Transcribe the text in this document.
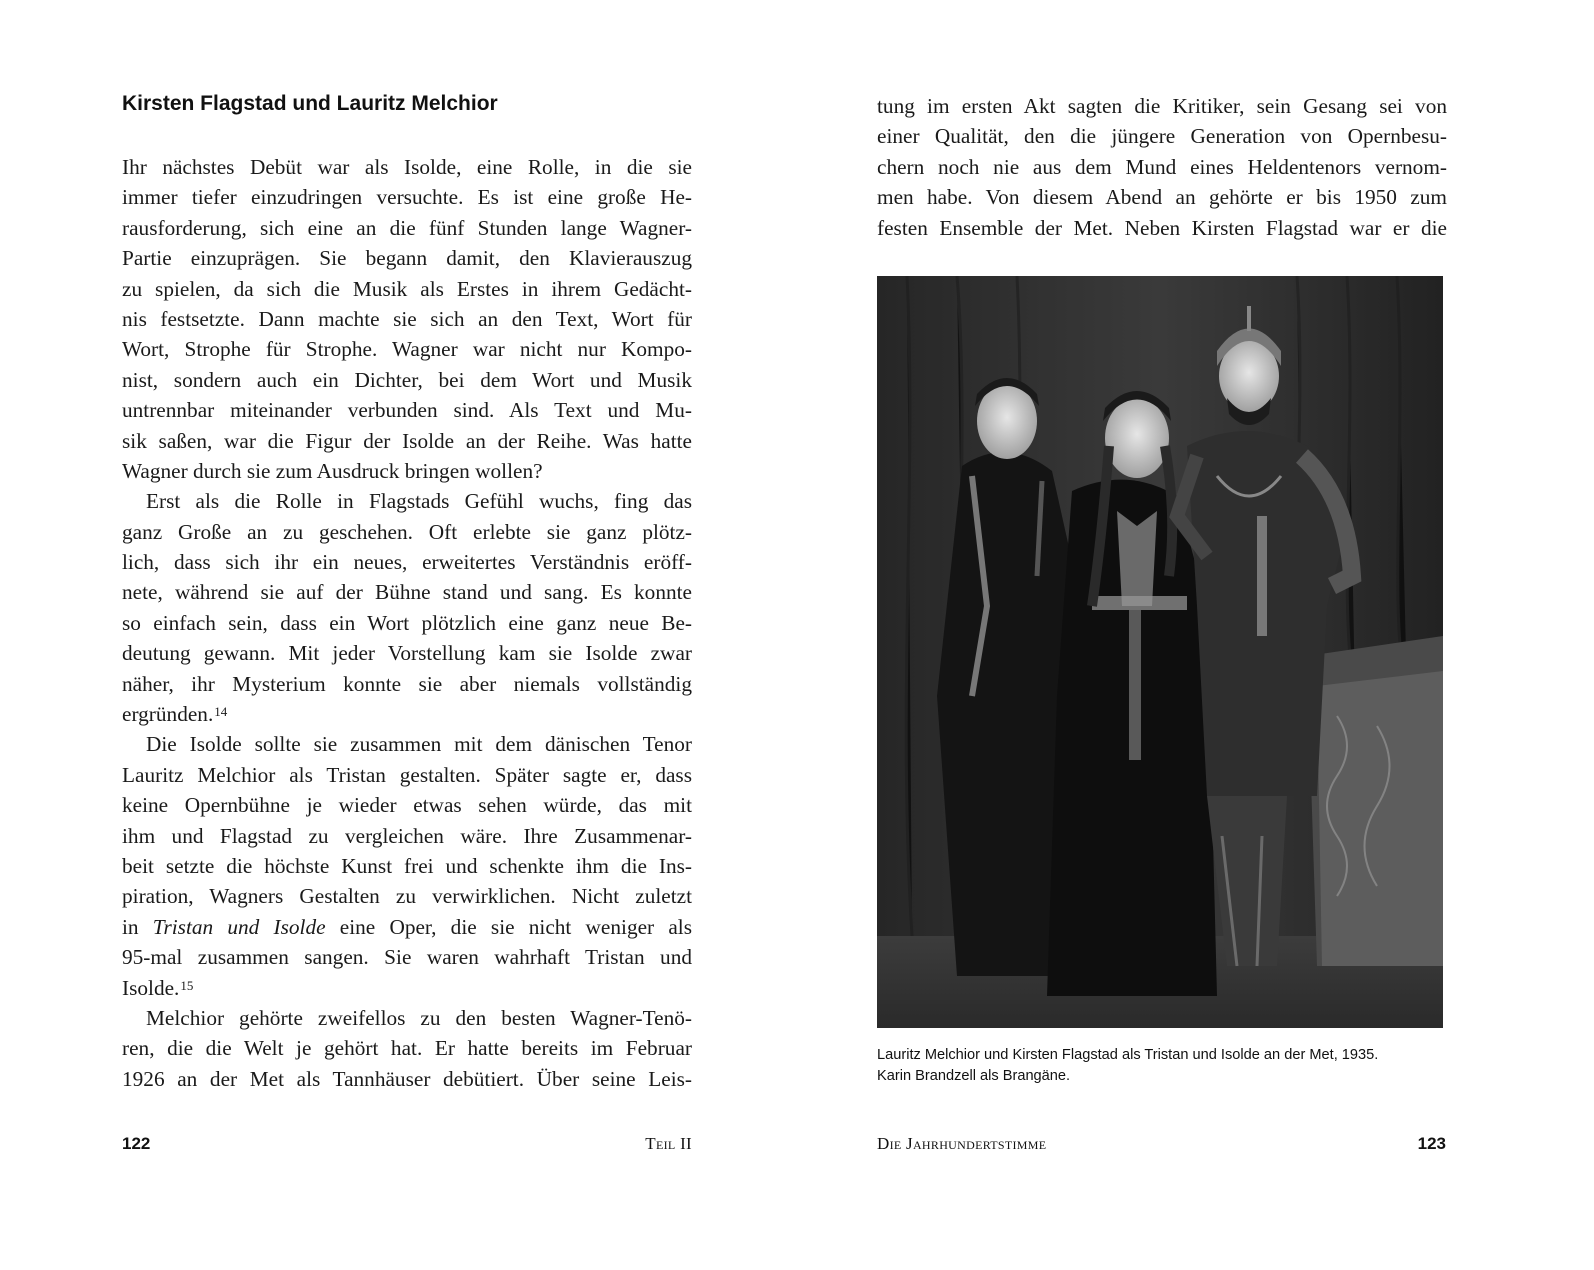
Kirsten Flagstad und Lauritz Melchior
Ihr nächstes Debüt war als Isolde, eine Rolle, in die sie
immer tiefer einzudringen versuchte. Es ist eine große He-
rausforderung, sich eine an die fünf Stunden lange Wagner-
Partie einzuprägen. Sie begann damit, den Klavierauszug
zu spielen, da sich die Musik als Erstes in ihrem Gedächt-
nis festsetzte. Dann machte sie sich an den Text, Wort für
Wort, Strophe für Strophe. Wagner war nicht nur Kompo-
nist, sondern auch ein Dichter, bei dem Wort und Musik
untrennbar miteinander verbunden sind. Als Text und Mu-
sik saßen, war die Figur der Isolde an der Reihe. Was hatte
Wagner durch sie zum Ausdruck bringen wollen?
Erst als die Rolle in Flagstads Gefühl wuchs, fing das
ganz Große an zu geschehen. Oft erlebte sie ganz plötz-
lich, dass sich ihr ein neues, erweitertes Verständnis eröff-
nete, während sie auf der Bühne stand und sang. Es konnte
so einfach sein, dass ein Wort plötzlich eine ganz neue Be-
deutung gewann. Mit jeder Vorstellung kam sie Isolde zwar
näher, ihr Mysterium konnte sie aber niemals vollständig
ergründen.$^{14}$
Die Isolde sollte sie zusammen mit dem dänischen Tenor
Lauritz Melchior als Tristan gestalten. Später sagte er, dass
keine Opernbühne je wieder etwas sehen würde, das mit
ihm und Flagstad zu vergleichen wäre. Ihre Zusammenar-
beit setzte die höchste Kunst frei und schenkte ihm die Ins-
piration, Wagners Gestalten zu verwirklichen. Nicht zuletzt
in Tristan und Isolde eine Oper, die sie nicht weniger als
95-mal zusammen sangen. Sie waren wahrhaft Tristan und
Isolde.$^{15}$
Melchior gehörte zweifellos zu den besten Wagner-Tenö-
ren, die die Welt je gehört hat. Er hatte bereits im Februar
1926 an der Met als Tannhäuser debütiert. Über seine Leis-
122	Teil II
tung im ersten Akt sagten die Kritiker, sein Gesang sei von
einer Qualität, den die jüngere Generation von Opernbesu-
chern noch nie aus dem Mund eines Heldentenors vernom-
men habe. Von diesem Abend an gehörte er bis 1950 zum
festen Ensemble der Met. Neben Kirsten Flagstad war er die
Lauritz Melchior und Kirsten Flagstad als Tristan und Isolde an der Met, 1935.
Karin Brandzell als Brangäne.
Die Jahrhundertstimme	123
